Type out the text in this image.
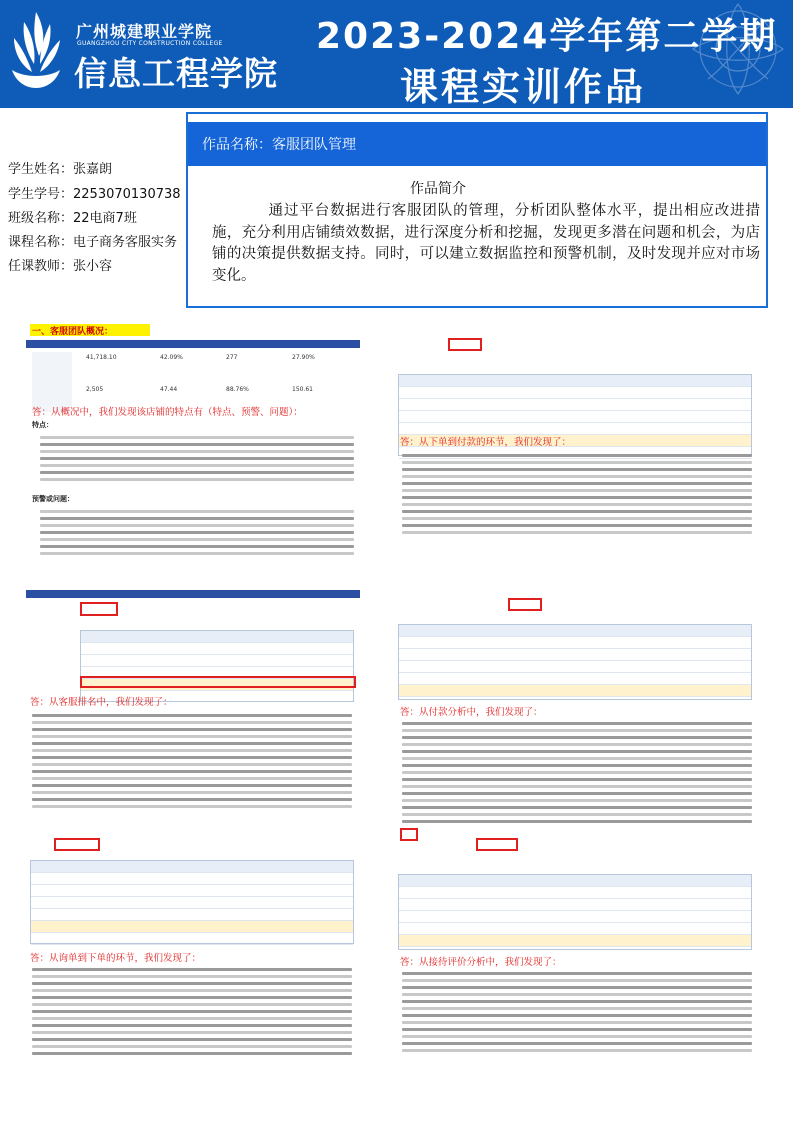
广州城建职业学院
GUANGZHOU CITY CONSTRUCTION COLLEGE
信息工程学院
2023-2024学年第二学期
课程实训作品
作品名称：客服团队管理
作品简介
通过平台数据进行客服团队的管理，分析团队整体水平，提出相应改进措施，充分利用店铺绩效数据，进行深度分析和挖掘，发现更多潜在问题和机会，为店铺的决策提供数据支持。同时，可以建立数据监控和预警机制，及时发现并应对市场变化。
学生姓名：张嘉朗
学生学号：2253070130738
班级名称：22电商7班
课程名称：电子商务客服实务
任课教师：张小容
一、客服团队概况：
41,718.10	42.09%	277	27.90%
2,505	47.44	88.76%	150.61
答：从概况中，我们发现该店铺的特点有（特点、预警、问题）：
特点：
预警或问题：
答：从下单到付款的环节，我们发现了：
答：从客服排名中，我们发现了：
答：从付款分析中，我们发现了：
答：从询单到下单的环节，我们发现了：	答：从接待评价分析中，我们发现了：
